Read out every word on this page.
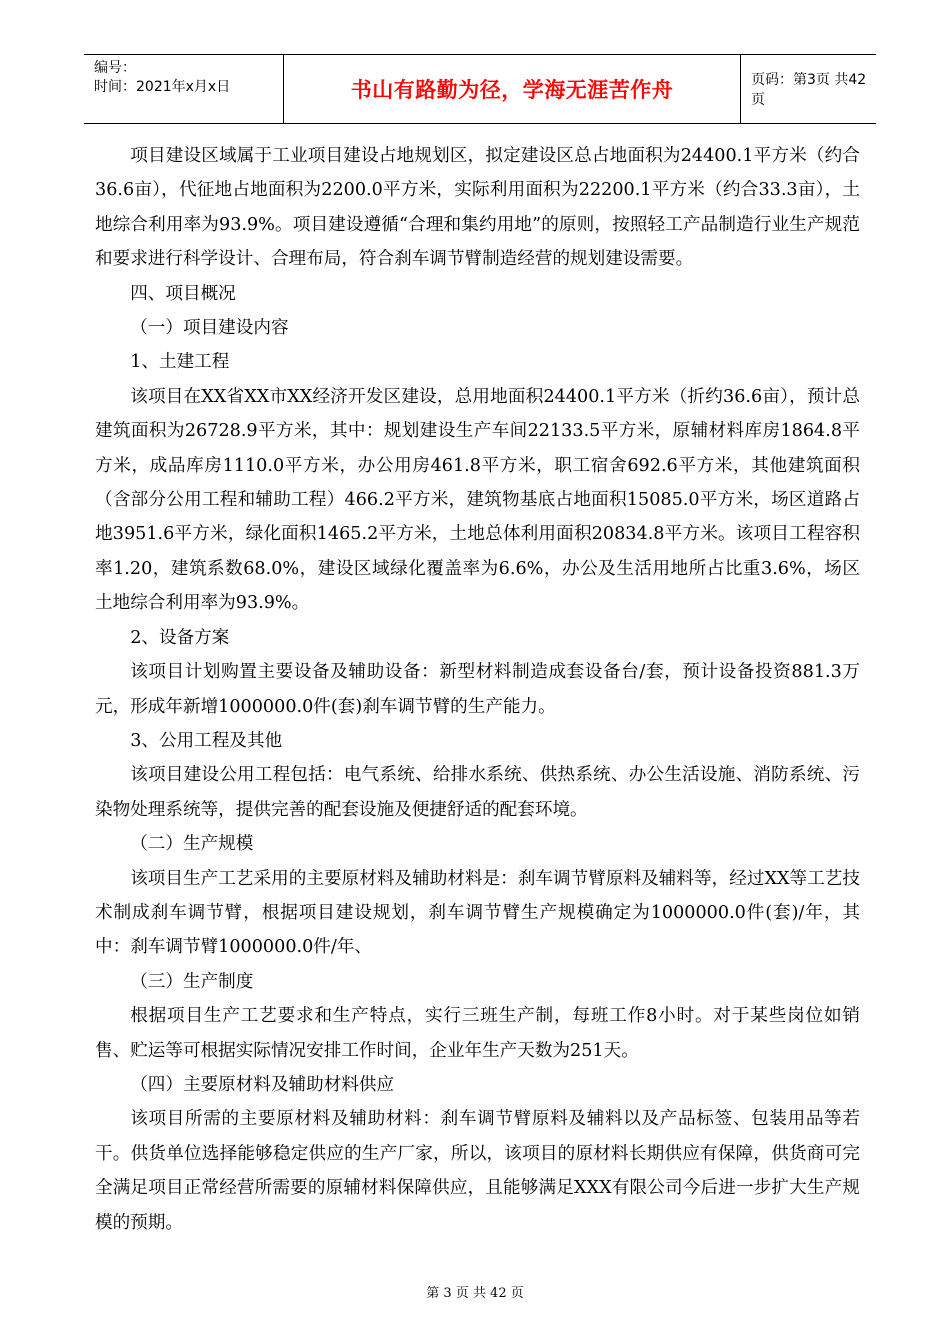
编号：
时间：2021年x月x日	书山有路勤为径，学海无涯苦作舟	页码：第3页 共42页

项目建设区域属于工业项目建设占地规划区，拟定建设区总占地面积为24400.1平方米（约合36.6亩），代征地占地面积为2200.0平方米，实际利用面积为22200.1平方米（约合33.3亩），土地综合利用率为93.9%。项目建设遵循“合理和集约用地”的原则，按照轻工产品制造行业生产规范和要求进行科学设计、合理布局，符合刹车调节臂制造经营的规划建设需要。

四、项目概况

（一）项目建设内容

1、土建工程

该项目在XX省XX市XX经济开发区建设，总用地面积24400.1平方米（折约36.6亩），预计总建筑面积为26728.9平方米，其中：规划建设生产车间22133.5平方米，原辅材料库房1864.8平方米，成品库房1110.0平方米，办公用房461.8平方米，职工宿舍692.6平方米，其他建筑面积（含部分公用工程和辅助工程）466.2平方米，建筑物基底占地面积15085.0平方米，场区道路占地3951.6平方米，绿化面积1465.2平方米，土地总体利用面积20834.8平方米。该项目工程容积率1.20，建筑系数68.0%，建设区域绿化覆盖率为6.6%，办公及生活用地所占比重3.6%，场区土地综合利用率为93.9%。

2、设备方案

该项目计划购置主要设备及辅助设备：新型材料制造成套设备台/套，预计设备投资881.3万元，形成年新增1000000.0件(套)刹车调节臂的生产能力。

3、公用工程及其他

该项目建设公用工程包括：电气系统、给排水系统、供热系统、办公生活设施、消防系统、污染物处理系统等，提供完善的配套设施及便捷舒适的配套环境。

（二）生产规模

该项目生产工艺采用的主要原材料及辅助材料是：刹车调节臂原料及辅料等，经过XX等工艺技术制成刹车调节臂，根据项目建设规划，刹车调节臂生产规模确定为1000000.0件(套)/年，其中：刹车调节臂1000000.0件/年、

（三）生产制度

根据项目生产工艺要求和生产特点，实行三班生产制，每班工作8小时。对于某些岗位如销售、贮运等可根据实际情况安排工作时间，企业年生产天数为251天。

（四）主要原材料及辅助材料供应

该项目所需的主要原材料及辅助材料：刹车调节臂原料及辅料以及产品标签、包装用品等若干。供货单位选择能够稳定供应的生产厂家，所以，该项目的原材料长期供应有保障，供货商可完全满足项目正常经营所需要的原辅材料保障供应，且能够满足XXX有限公司今后进一步扩大生产规模的预期。

第 3 页 共 42 页
